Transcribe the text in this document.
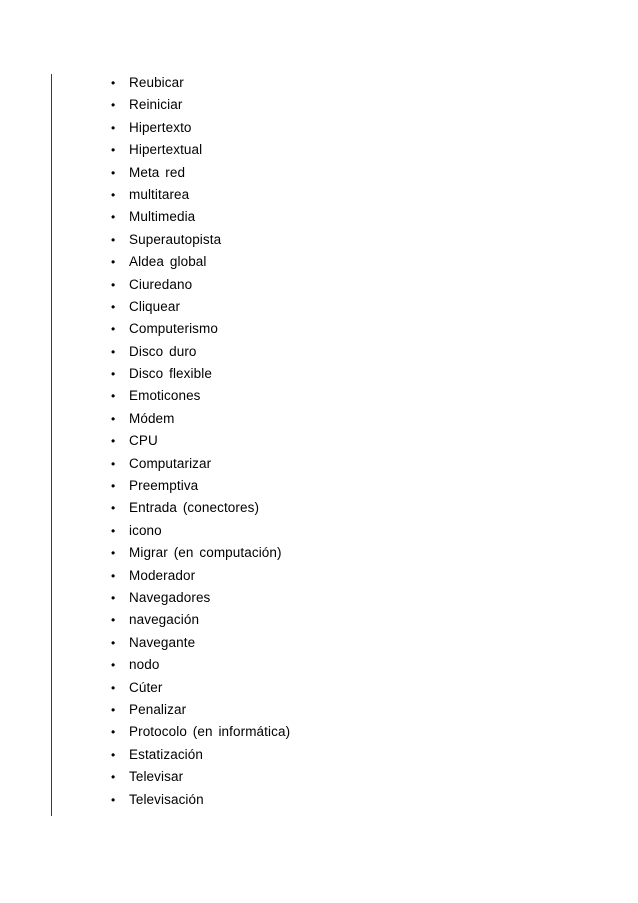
• Reubicar
• Reiniciar
• Hipertexto
• Hipertextual
• Meta red
• multitarea
• Multimedia
• Superautopista
• Aldea global
• Ciuredano
• Cliquear
• Computerismo
• Disco duro
• Disco flexible
• Emoticones
• Módem
• CPU
• Computarizar
• Preemptiva
• Entrada (conectores)
• icono
• Migrar (en computación)
• Moderador
• Navegadores
• navegación
• Navegante
• nodo
• Cúter
• Penalizar
• Protocolo (en informática)
• Estatización
• Televisar
• Televisación
